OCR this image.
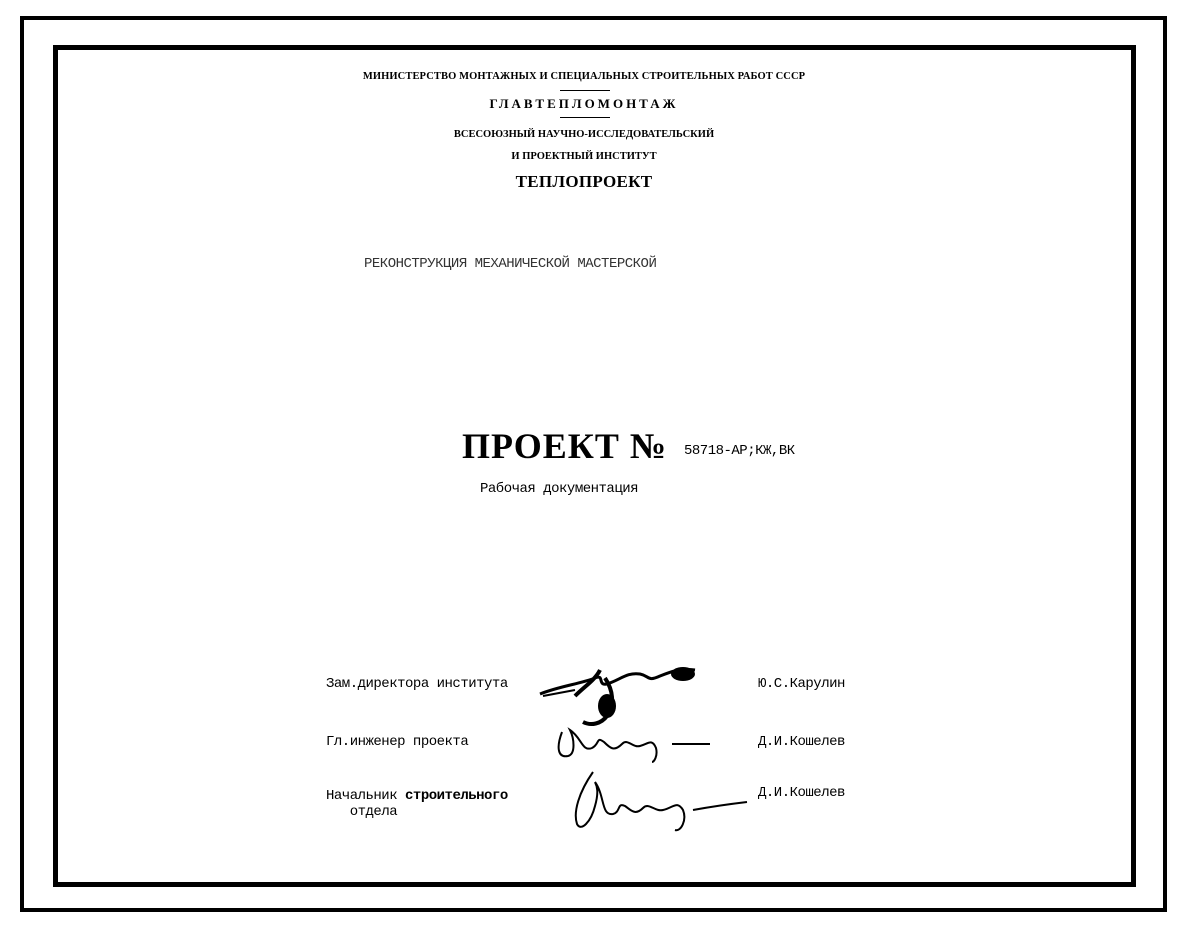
МИНИСТЕРСТВО МОНТАЖНЫХ И СПЕЦИАЛЬНЫХ СТРОИТЕЛЬНЫХ РАБОТ СССР
ГЛАВТЕПЛОМОНТАЖ
ВСЕСОЮЗНЫЙ НАУЧНО-ИССЛЕДОВАТЕЛЬСКИЙ
И ПРОЕКТНЫЙ ИНСТИТУТ
ТЕПЛОПРОЕКТ
РЕКОНСТРУКЦИЯ МЕХАНИЧЕСКОЙ МАСТЕРСКОЙ
ПРОЕКТ № 58718-АР;КЖ,ВК
Рабочая документация
Зам.директора института
Гл.инженер проекта
Начальник строительного
отдела
Ю.С.Карулин
Д.И.Кошелев
Д.И.Кошелев
